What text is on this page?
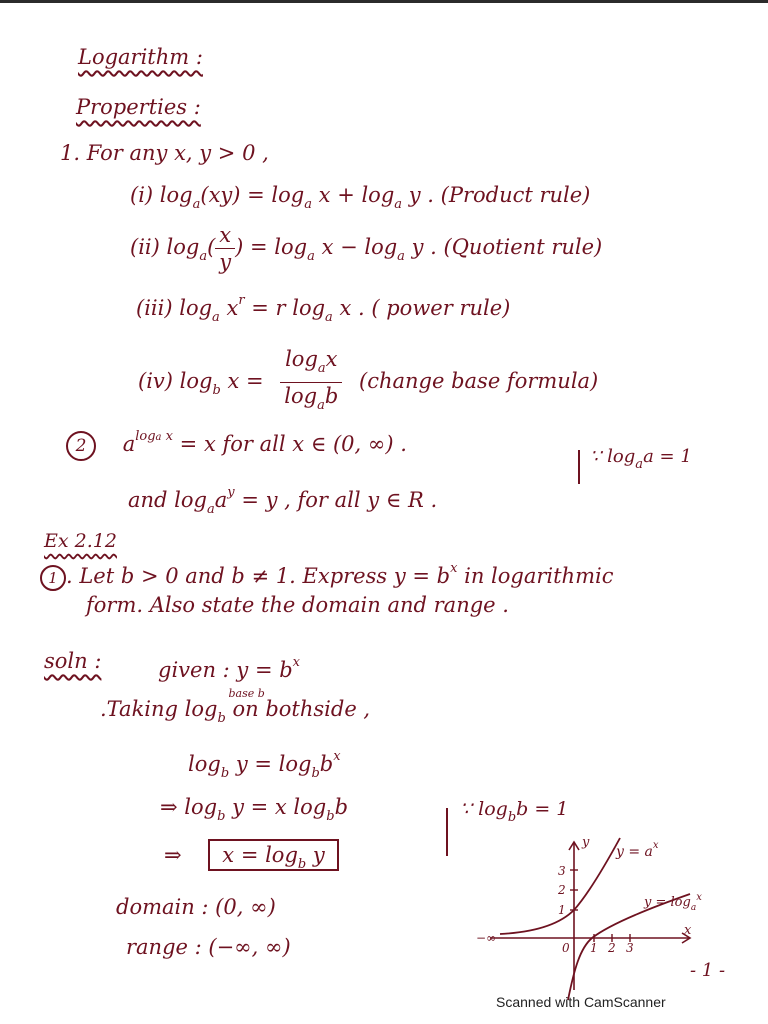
Logarithm :
Properties :
1. For any x, y > 0 ,
(i) $\log_a(xy) = \log_a x + \log_a y$ . (Product rule)
(ii) $\log_a( \frac{x}{y}$ ) = $\log_a x - \log_a y$ . (Quotient rule)
(iii) $\log_a x^r = r$ $\log_a x$ . ( power rule)
(iv) $\log_b x = \frac{\log_ax}{\log_ab}$ (change base formula)
2 $a^{loga x} = x$ for all x ∈ (0, ∞) .
and $\log_aa^y = y$ , for all y ∈ R .
∵ $\log_aa = 1$
Ex 2.12
1 . Let b > 0 and b ≠ 1. Express $y = b^x$ in logarithmic
form. Also state the domain and range .
soln :	given : $y = b^x$
.Taking $\log_b$
base b
on bothside ,
$\log_b y = \log_bb^x$
⇒ $\log_b y = x$ $\log_bb$
⇒ $x = \log_b y$
∵ $\log_bb = 1$
domain : (0, ∞)
range : (−∞, ∞)
y
x
3
2
1
0 1 2 3
−∞
$y = a^x$
$y = \log_a^x$
- 1 -
Scanned with CamScanner
